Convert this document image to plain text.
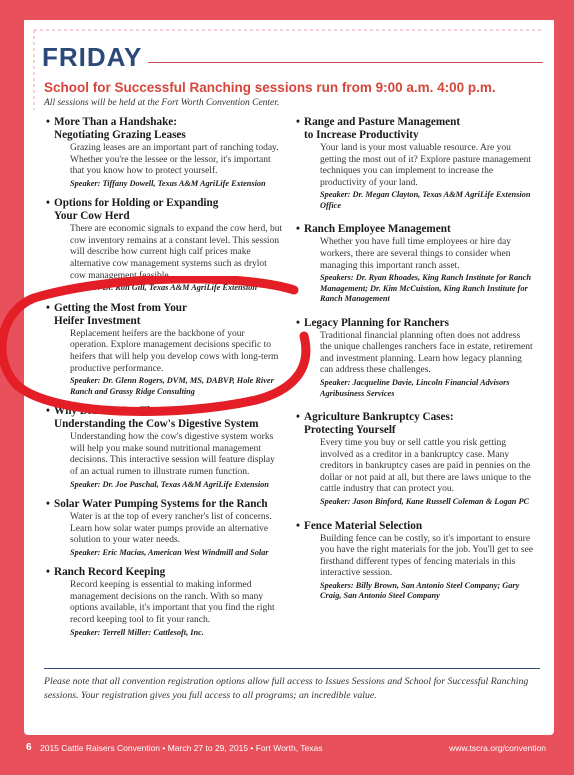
FRIDAY
School for Successful Ranching sessions run from 9:00 a.m. 4:00 p.m.
All sessions will be held at the Fort Worth Convention Center.
• More Than a Handshake:
Negotiating Grazing Leases
Grazing leases are an important part of ranching today. Whether you're the lessee or the lessor, it's important that you know how to protect yourself.
Speaker: Tiffany Dowell, Texas A&M AgriLife Extension
• Options for Holding or Expanding
Your Cow Herd
There are economic signals to expand the cow herd, but cow inventory remains at a constant level. This session will describe how current high calf prices make alternative cow management systems such as drylot cow management feasible.
Speaker: Dr. Ron Gill, Texas A&M AgriLife Extension
• Getting the Most from Your
Heifer Investment
Replacement heifers are the backbone of your operation. Explore management decisions specific to heifers that will help you develop cows with long-term productive performance.
Speaker: Dr. Glenn Rogers, DVM, MS, DABVP, Hole River Ranch and Grassy Ridge Consulting
• Why Did She Eat That?
Understanding the Cow's Digestive System
Understanding how the cow's digestive system works will help you make sound nutritional management decisions. This interactive session will feature display of an actual rumen to illustrate rumen function.
Speaker: Dr. Joe Paschal, Texas A&M AgriLife Extension
• Solar Water Pumping Systems for the Ranch
Water is at the top of every rancher's list of concerns. Learn how solar water pumps provide an alternative solution to your water needs.
Speaker: Eric Macias, American West Windmill and Solar
• Ranch Record Keeping
Record keeping is essential to making informed management decisions on the ranch. With so many options available, it's important that you find the right record keeping tool to fit your ranch.
Speaker: Terrell Miller: Cattlesoft, Inc.
• Range and Pasture Management
to Increase Productivity
Your land is your most valuable resource. Are you getting the most out of it? Explore pasture management techniques you can implement to increase the productivity of your land.
Speaker: Dr. Megan Clayton, Texas A&M AgriLife Extension Office
• Ranch Employee Management
Whether you have full time employees or hire day workers, there are several things to consider when managing this important ranch asset.
Speakers: Dr. Ryan Rhoades, King Ranch Institute for Ranch Management; Dr. Kim McCuistion, King Ranch Institute for Ranch Management
• Legacy Planning for Ranchers
Traditional financial planning often does not address the unique challenges ranchers face in estate, retirement and investment planning. Learn how legacy planning can address these challenges.
Speaker: Jacqueline Davie, Lincoln Financial Advisors Agribusiness Services
• Agriculture Bankruptcy Cases:
Protecting Yourself
Every time you buy or sell cattle you risk getting involved as a creditor in a bankruptcy case. Many creditors in bankruptcy cases are paid in pennies on the dollar or not paid at all, but there are laws unique to the cattle industry that can protect you.
Speaker: Jason Binford, Kane Russell Coleman & Logan PC
• Fence Material Selection
Building fence can be costly, so it's important to ensure you have the right materials for the job. You'll get to see firsthand different types of fencing materials in this interactive session.
Speakers: Billy Brown, San Antonio Steel Company; Gary Craig, San Antonio Steel Company
Please note that all convention registration options allow full access to Issues Sessions and School for Successful Ranching sessions. Your registration gives you full access to all programs; an incredible value.
6 2015 Cattle Raisers Convention • March 27 to 29, 2015 • Fort Worth, Texas	www.tscra.org/convention
